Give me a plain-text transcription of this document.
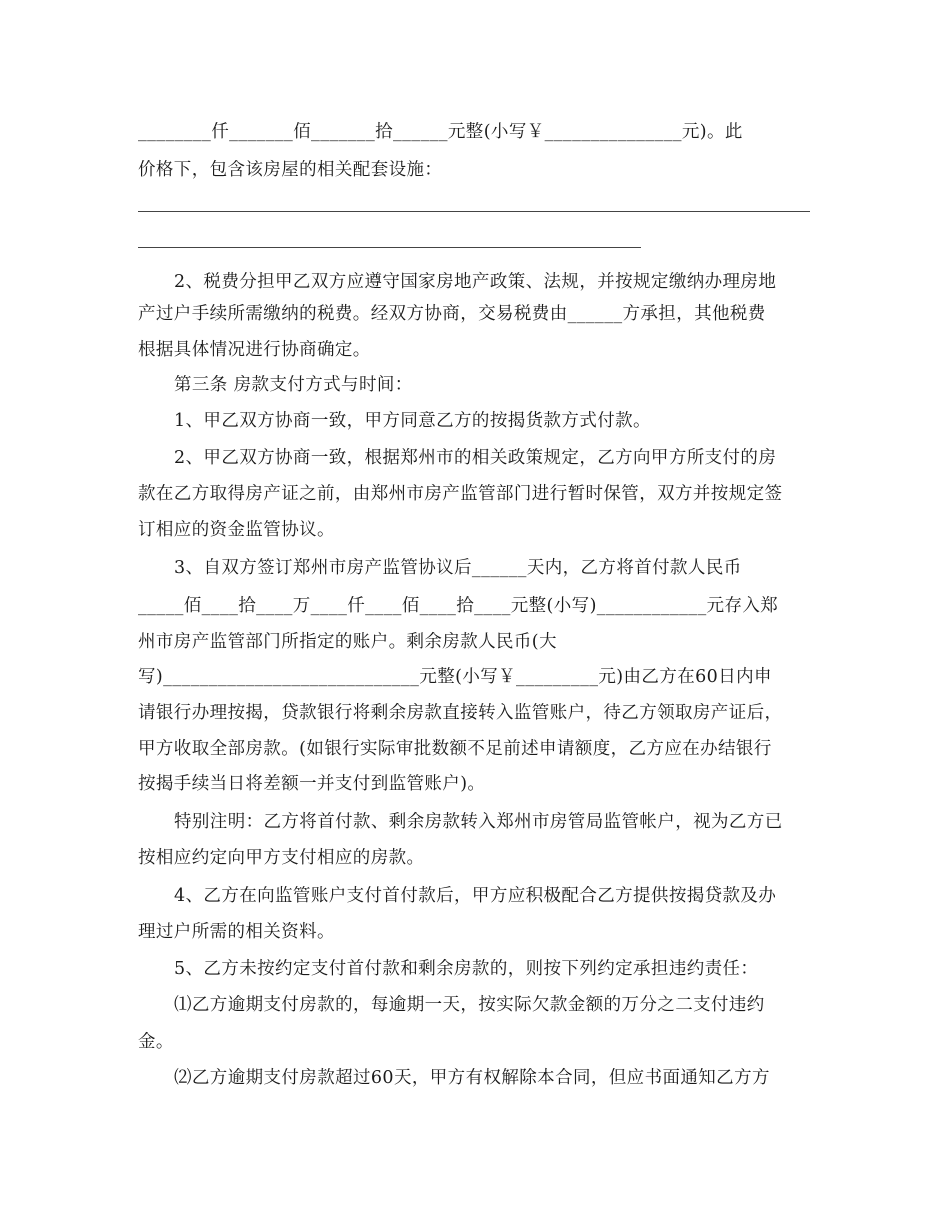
________仟_______佰_______拾______元整(小写￥_______________元)。此
价格下，包含该房屋的相关配套设施：
2、税费分担甲乙双方应遵守国家房地产政策、法规，并按规定缴纳办理房地
产过户手续所需缴纳的税费。经双方协商，交易税费由______方承担，其他税费
根据具体情况进行协商确定。
第三条 房款支付方式与时间：
1、甲乙双方协商一致，甲方同意乙方的按揭货款方式付款。
2、甲乙双方协商一致，根据郑州市的相关政策规定，乙方向甲方所支付的房
款在乙方取得房产证之前，由郑州市房产监管部门进行暂时保管，双方并按规定签
订相应的资金监管协议。
3、自双方签订郑州市房产监管协议后______天内，乙方将首付款人民币
_____佰____拾____万____仟____佰____拾____元整(小写)____________元存入郑
州市房产监管部门所指定的账户。剩余房款人民币(大
写)____________________________元整(小写￥_________元)由乙方在60日内申
请银行办理按揭，贷款银行将剩余房款直接转入监管账户，待乙方领取房产证后，
甲方收取全部房款。(如银行实际审批数额不足前述申请额度，乙方应在办结银行
按揭手续当日将差额一并支付到监管账户)。
特别注明：乙方将首付款、剩余房款转入郑州市房管局监管帐户，视为乙方已
按相应约定向甲方支付相应的房款。
4、乙方在向监管账户支付首付款后，甲方应积极配合乙方提供按揭贷款及办
理过户所需的相关资料。
5、乙方未按约定支付首付款和剩余房款的，则按下列约定承担违约责任：
⑴乙方逾期支付房款的，每逾期一天，按实际欠款金额的万分之二支付违约
金。
⑵乙方逾期支付房款超过60天，甲方有权解除本合同，但应书面通知乙方方
